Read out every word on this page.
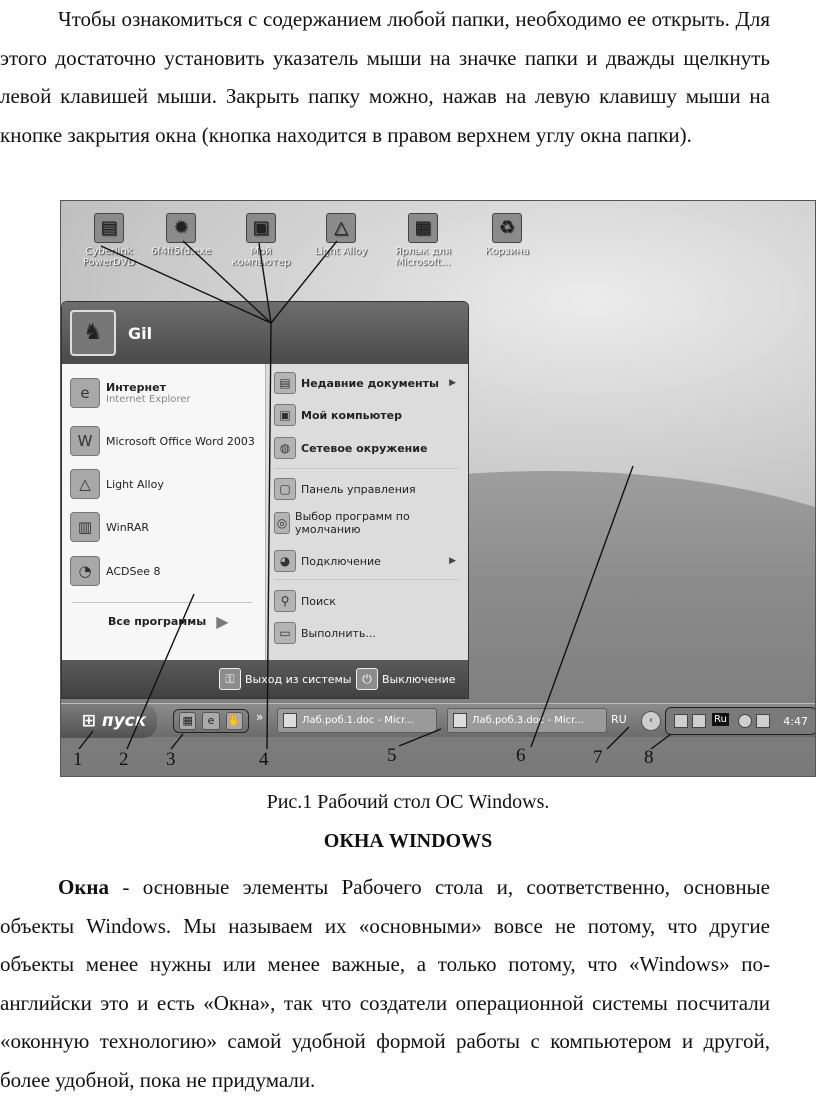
Чтобы ознакомиться с содержанием любой папки, необходимо ее открыть. Для этого достаточно установить указатель мыши на значке папки и дважды щелкнуть левой клавишей мыши. Закрыть папку можно, нажав на левую клавишу мыши на кнопке закрытия окна (кнопка находится в правом верхнем углу окна папки).

▤
Cyberlink PowerDVD
✹
6f4ff5fd.exe
▣
Мой компьютер
△
Light Alloy
▦
Ярлык для Microsoft...
♻
Корзина
♞	Gil
e	Интернет
Internet Explorer
W	Microsoft Office Word 2003
△	Light Alloy
▥	WinRAR
◔	ACDSee 8
Все программы ▶
▤ Недавние документы ▶
▣ Мой компьютер
◍ Сетевое окружение
▢ Панель управления
◎ Выбор программ по умолчанию
◕ Подключение	▶
⚲	Поиск
▭ Выполнить...
⚿ Выход из системы ⏻ Выключение
⊞ пуск	▦	e	✋ »	Лаб.роб.1.doc - Micr...	Лаб.роб.3.doc - Micr...	RU	‹	Ru	4:47
1 2 3	4	5	6	7 8
Рис.1 Рабочий стол ОС Windows.
ОКНА WINDOWS

Окна - основные элементы Рабочего стола и, соответственно, основные объекты Windows. Мы называем их «основными» вовсе не потому, что другие объекты менее нужны или менее важные, а только потому, что «Windows» по-английски это и есть «Окна», так что создатели операционной системы посчитали «оконную технологию» самой удобной формой работы с компьютером и другой, более удобной, пока не придумали.
